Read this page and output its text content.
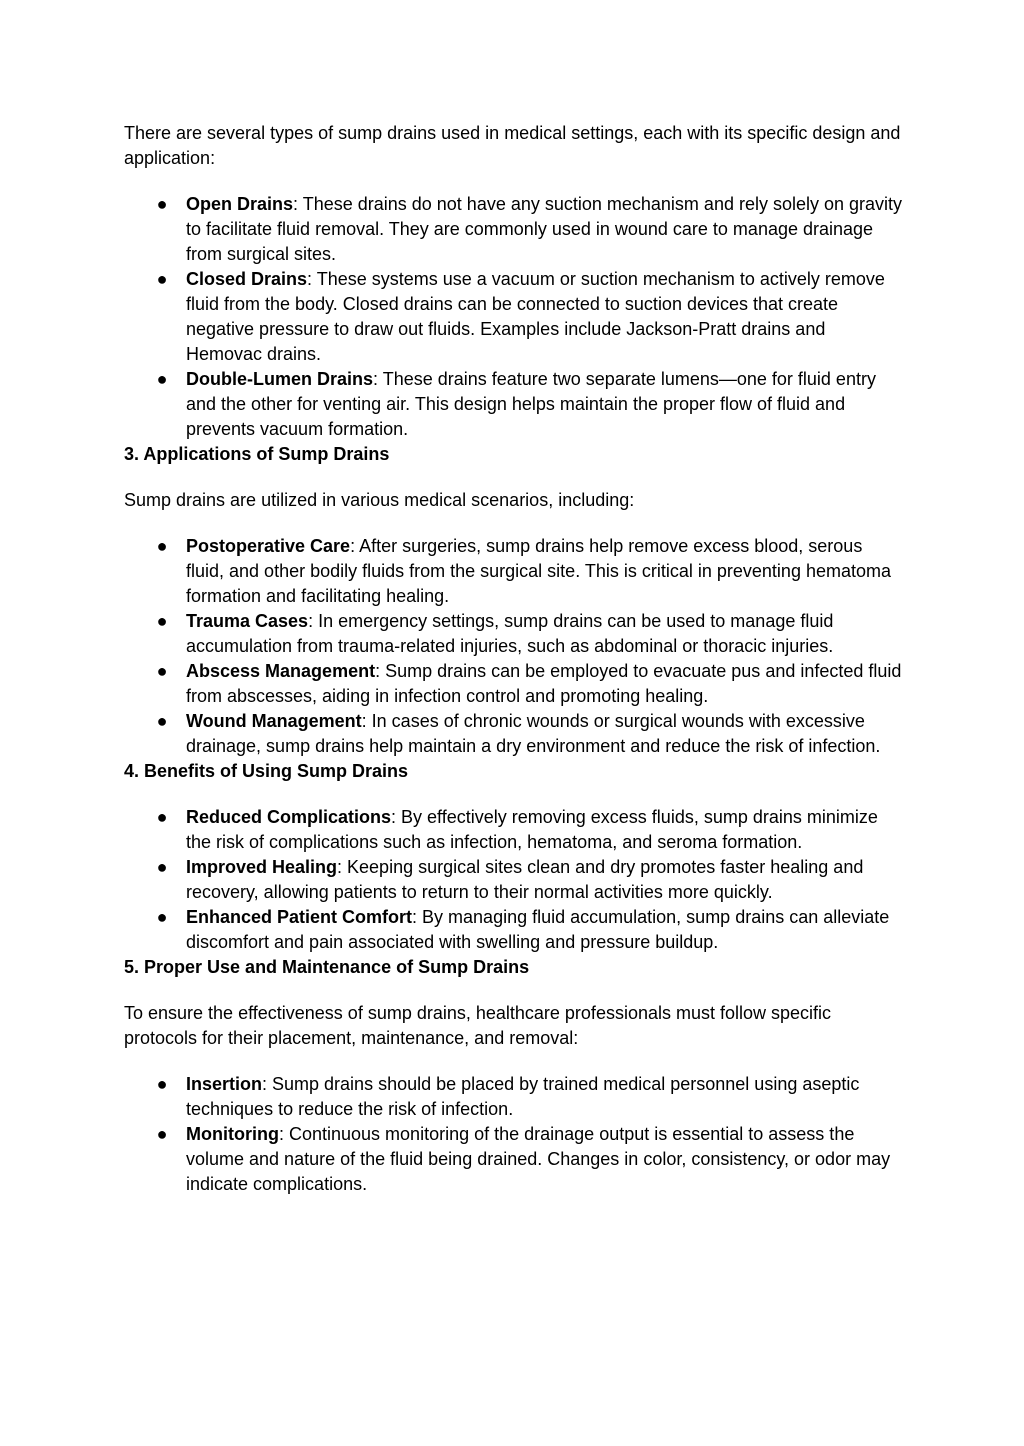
There are several types of sump drains used in medical settings, each with its specific design and application:

● Open Drains: These drains do not have any suction mechanism and rely solely on gravity to facilitate fluid removal. They are commonly used in wound care to manage drainage from surgical sites.
● Closed Drains: These systems use a vacuum or suction mechanism to actively remove fluid from the body. Closed drains can be connected to suction devices that create negative pressure to draw out fluids. Examples include Jackson-Pratt drains and Hemovac drains.
● Double-Lumen Drains: These drains feature two separate lumens—one for fluid entry and the other for venting air. This design helps maintain the proper flow of fluid and prevents vacuum formation.
3. Applications of Sump Drains

Sump drains are utilized in various medical scenarios, including:

● Postoperative Care: After surgeries, sump drains help remove excess blood, serous fluid, and other bodily fluids from the surgical site. This is critical in preventing hematoma formation and facilitating healing.
● Trauma Cases: In emergency settings, sump drains can be used to manage fluid accumulation from trauma-related injuries, such as abdominal or thoracic injuries.
● Abscess Management: Sump drains can be employed to evacuate pus and infected fluid from abscesses, aiding in infection control and promoting healing.
● Wound Management: In cases of chronic wounds or surgical wounds with excessive drainage, sump drains help maintain a dry environment and reduce the risk of infection.
4. Benefits of Using Sump Drains
● Reduced Complications: By effectively removing excess fluids, sump drains minimize the risk of complications such as infection, hematoma, and seroma formation.
● Improved Healing: Keeping surgical sites clean and dry promotes faster healing and recovery, allowing patients to return to their normal activities more quickly.
● Enhanced Patient Comfort: By managing fluid accumulation, sump drains can alleviate discomfort and pain associated with swelling and pressure buildup.
5. Proper Use and Maintenance of Sump Drains

To ensure the effectiveness of sump drains, healthcare professionals must follow specific protocols for their placement, maintenance, and removal:

● Insertion: Sump drains should be placed by trained medical personnel using aseptic techniques to reduce the risk of infection.
● Monitoring: Continuous monitoring of the drainage output is essential to assess the volume and nature of the fluid being drained. Changes in color, consistency, or odor may indicate complications.
